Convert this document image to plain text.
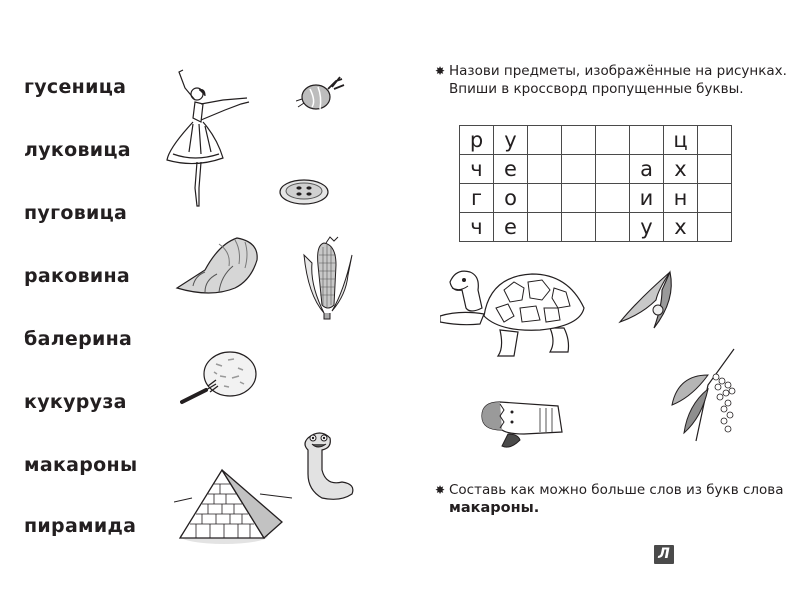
гусеница
луковица
пуговица
раковина
балерина
кукуруза
макароны
пирамида
✸ Назови предметы, изображённые на рисунках.
Впиши в кроссворд пропущенные буквы.
р	у					ц	
ч	е				а	х	
г	о				и	н	
ч	е				у	х	
✸ Составь как можно больше слов из букв слова
макароны.
Л
